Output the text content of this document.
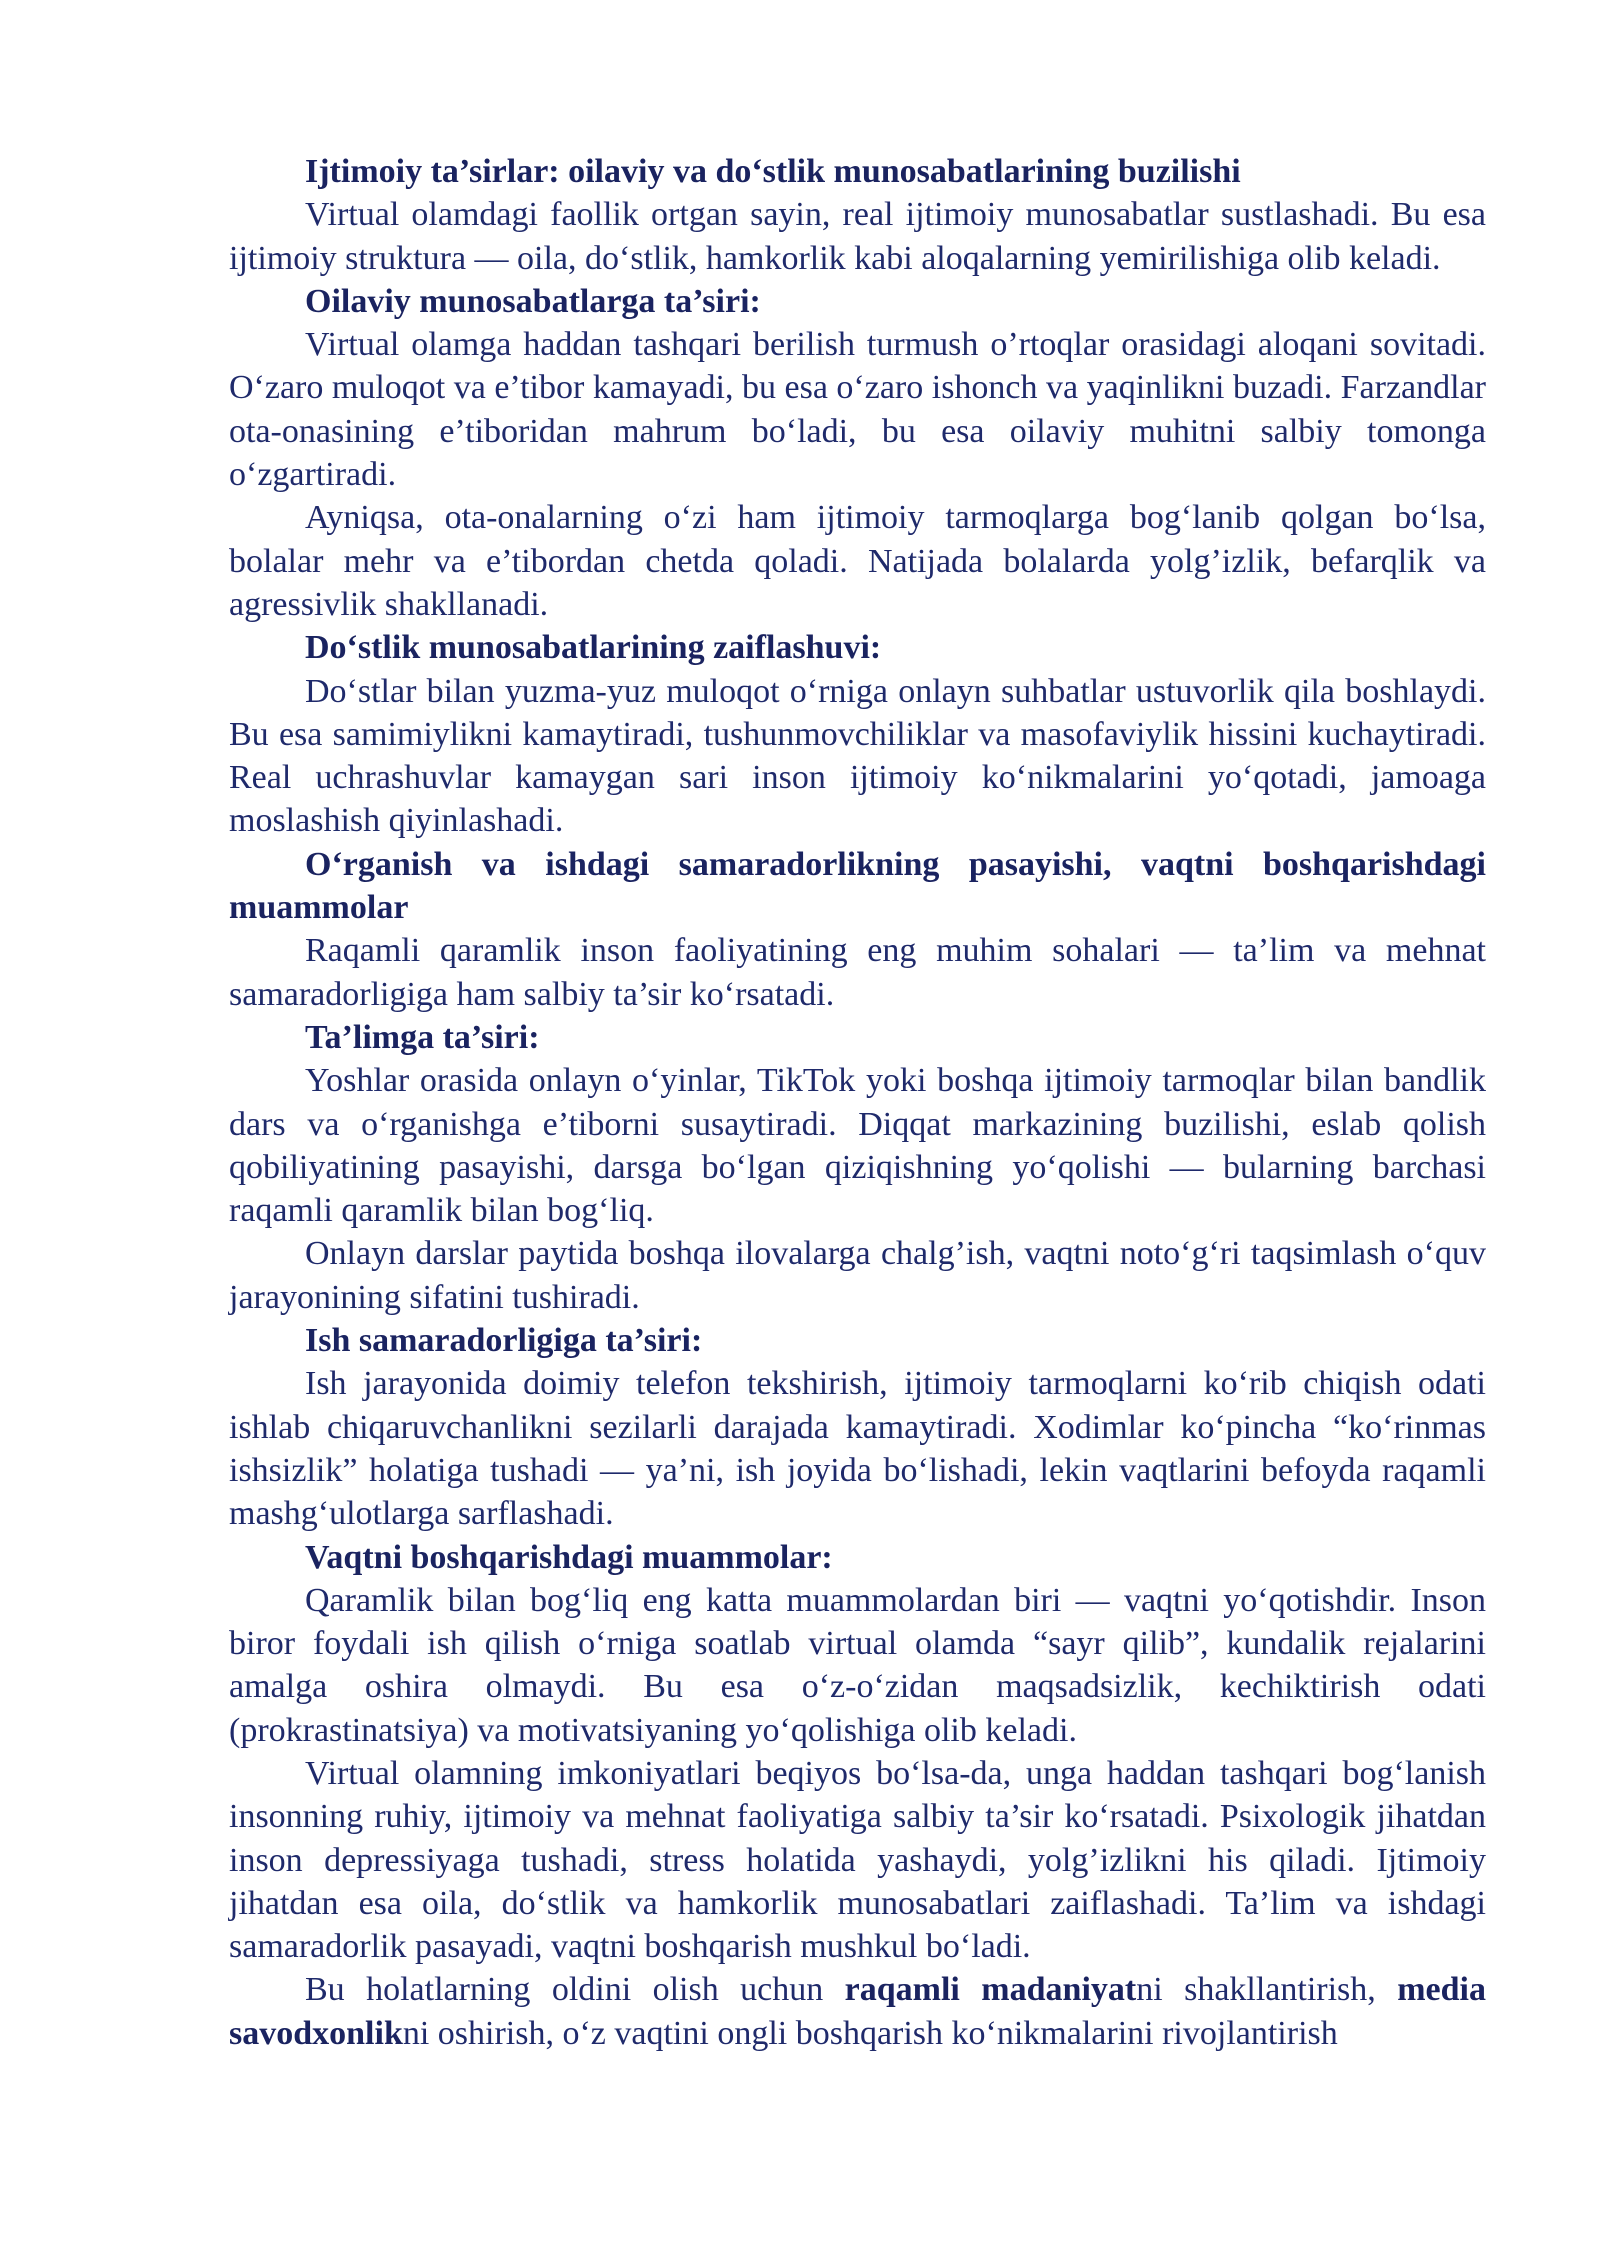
Ijtimoiy ta’sirlar: oilaviy va do‘stlik munosabatlarining buzilishi

Virtual olamdagi faollik ortgan sayin, real ijtimoiy munosabatlar sustlashadi. Bu esa ijtimoiy struktura — oila, do‘stlik, hamkorlik kabi aloqalarning yemirilishiga olib keladi.

Oilaviy munosabatlarga ta’siri:

Virtual olamga haddan tashqari berilish turmush o’rtoqlar orasidagi aloqani sovitadi. O‘zaro muloqot va e’tibor kamayadi, bu esa o‘zaro ishonch va yaqinlikni buzadi. Farzandlar ota-onasining e’tiboridan mahrum bo‘ladi, bu esa oilaviy muhitni salbiy tomonga o‘zgartiradi.

Ayniqsa, ota-onalarning o‘zi ham ijtimoiy tarmoqlarga bog‘lanib qolgan bo‘lsa, bolalar mehr va e’tibordan chetda qoladi. Natijada bolalarda yolg’izlik, befarqlik va agressivlik shakllanadi.

Do‘stlik munosabatlarining zaiflashuvi:

Do‘stlar bilan yuzma-yuz muloqot o‘rniga onlayn suhbatlar ustuvorlik qila boshlaydi. Bu esa samimiylikni kamaytiradi, tushunmovchiliklar va masofaviylik hissini kuchaytiradi. Real uchrashuvlar kamaygan sari inson ijtimoiy ko‘nikmalarini yo‘qotadi, jamoaga moslashish qiyinlashadi.

O‘rganish va ishdagi samaradorlikning pasayishi, vaqtni boshqarishdagi muammolar

Raqamli qaramlik inson faoliyatining eng muhim sohalari — ta’lim va mehnat samaradorligiga ham salbiy ta’sir ko‘rsatadi.

Ta’limga ta’siri:

Yoshlar orasida onlayn o‘yinlar, TikTok yoki boshqa ijtimoiy tarmoqlar bilan bandlik dars va o‘rganishga e’tiborni susaytiradi. Diqqat markazining buzilishi, eslab qolish qobiliyatining pasayishi, darsga bo‘lgan qiziqishning yo‘qolishi — bularning barchasi raqamli qaramlik bilan bog‘liq.

Onlayn darslar paytida boshqa ilovalarga chalg’ish, vaqtni noto‘g‘ri taqsimlash o‘quv jarayonining sifatini tushiradi.

Ish samaradorligiga ta’siri:

Ish jarayonida doimiy telefon tekshirish, ijtimoiy tarmoqlarni ko‘rib chiqish odati ishlab chiqaruvchanlikni sezilarli darajada kamaytiradi. Xodimlar ko‘pincha “ko‘rinmas ishsizlik” holatiga tushadi — ya’ni, ish joyida bo‘lishadi, lekin vaqtlarini befoyda raqamli mashg‘ulotlarga sarflashadi.

Vaqtni boshqarishdagi muammolar:

Qaramlik bilan bog‘liq eng katta muammolardan biri — vaqtni yo‘qotishdir. Inson biror foydali ish qilish o‘rniga soatlab virtual olamda “sayr qilib”, kundalik rejalarini amalga oshira olmaydi. Bu esa o‘z-o‘zidan maqsadsizlik, kechiktirish odati (prokrastinatsiya) va motivatsiyaning yo‘qolishiga olib keladi.

Virtual olamning imkoniyatlari beqiyos bo‘lsa-da, unga haddan tashqari bog‘lanish insonning ruhiy, ijtimoiy va mehnat faoliyatiga salbiy ta’sir ko‘rsatadi. Psixologik jihatdan inson depressiyaga tushadi, stress holatida yashaydi, yolg’izlikni his qiladi. Ijtimoiy jihatdan esa oila, do‘stlik va hamkorlik munosabatlari zaiflashadi. Ta’lim va ishdagi samaradorlik pasayadi, vaqtni boshqarish mushkul bo‘ladi.

Bu holatlarning oldini olish uchun raqamli madaniyatni shakllantirish, media savodxonlikni oshirish, o‘z vaqtini ongli boshqarish ko‘nikmalarini rivojlantirish
